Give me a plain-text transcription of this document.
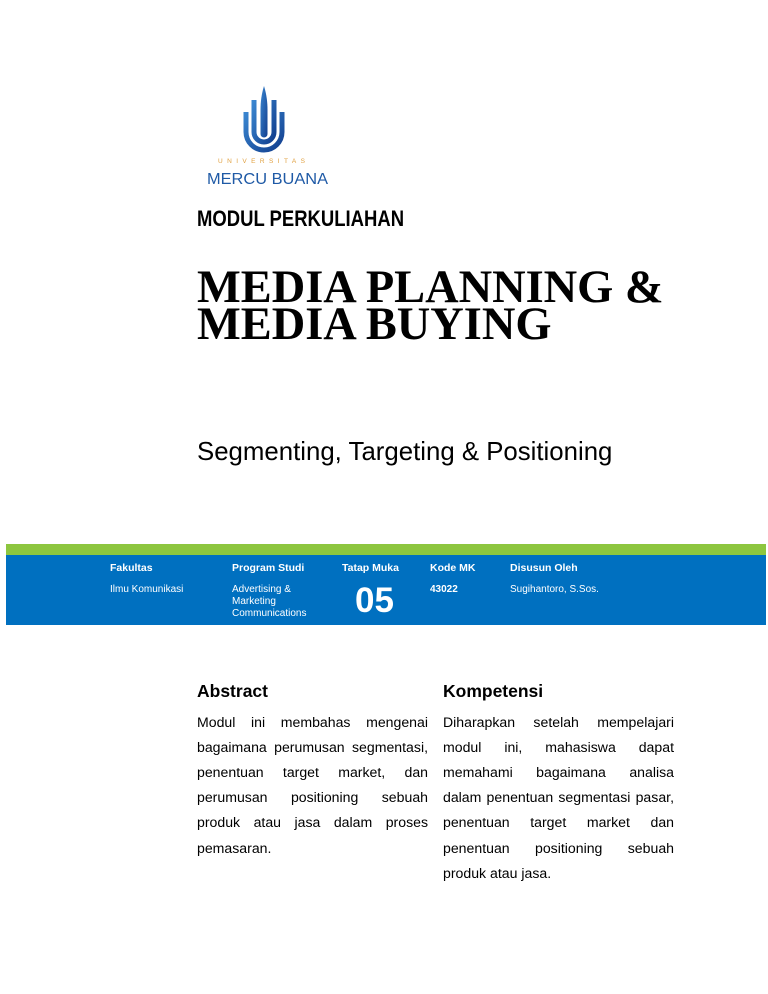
UNIVERSITAS
MERCU BUANA
MODUL PERKULIAHAN
MEDIA PLANNING & MEDIA BUYING
Segmenting, Targeting & Positioning
Fakultas	Program Studi	Tatap Muka	Kode MK	Disusun Oleh
Ilmu Komunikasi	Advertising & Marketing Communications	05	43022	Sugihantoro, S.Sos.
Abstract

Modul ini membahas mengenai bagaimana perumusan segmentasi, penentuan target market, dan perumusan positioning sebuah produk atau jasa dalam proses pemasaran.

Kompetensi

Diharapkan setelah mempelajari modul ini, mahasiswa dapat memahami bagaimana analisa dalam penentuan segmentasi pasar, penentuan target market dan penentuan positioning sebuah produk atau jasa.
